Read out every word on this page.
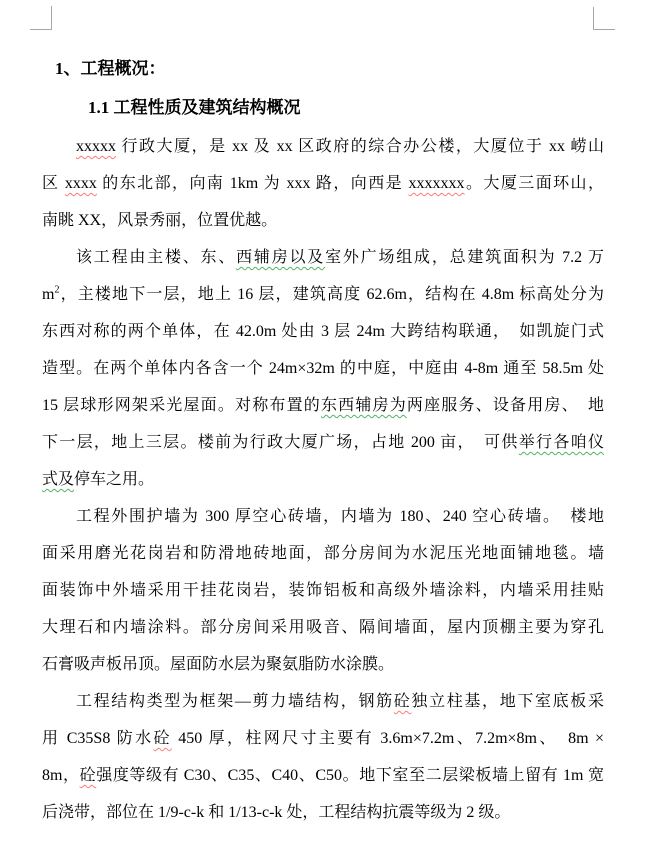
1、工程概况：
1.1 工程性质及建筑结构概况
xxxxx 行政大厦，是 xx 及 xx 区政府的综合办公楼，大厦位于 xx 崂山
区 xxxx 的东北部，向南 1km 为 xxx 路，向西是 xxxxxxx。大厦三面环山，
南眺 XX，风景秀丽，位置优越。
该工程由主楼、东、西辅房以及室外广场组成，总建筑面积为 7.2 万
$m^2$，主楼地下一层，地上 16 层，建筑高度 62.6m，结构在 4.8m 标高处分为
东西对称的两个单体，在 42.0m 处由 3 层 24m 大跨结构联通，　如凯旋门式
造型。在两个单体内各含一个 24m×32m 的中庭，中庭由 4-8m 通至 58.5m 处
15 层球形网架采光屋面。对称布置的东西辅房为两座服务、设备用房、　地
下一层，地上三层。楼前为行政大厦广场，占地 200 亩，　可供举行各咱仪
式及停车之用。
工程外围护墙为 300 厚空心砖墙，内墙为 180、240 空心砖墙。　楼地
面采用磨光花岗岩和防滑地砖地面，部分房间为水泥压光地面铺地毯。墙
面装饰中外墙采用干挂花岗岩，装饰铝板和高级外墙涂料，内墙采用挂贴
大理石和内墙涂料。部分房间采用吸音、隔间墙面，屋内顶棚主要为穿孔
石膏吸声板吊顶。屋面防水层为聚氨脂防水涂膜。
工程结构类型为框架—剪力墙结构，钢筋砼独立柱基，地下室底板采
用 C35S8 防水砼 450 厚，柱网尺寸主要有 3.6m×7.2m、7.2m×8m、　8m ×
8m，砼强度等级有 C30、C35、C40、C50。地下室至二层梁板墙上留有 1m 宽
后浇带，部位在 1/9-c-k 和 1/13-c-k 处，工程结构抗震等级为 2 级。
